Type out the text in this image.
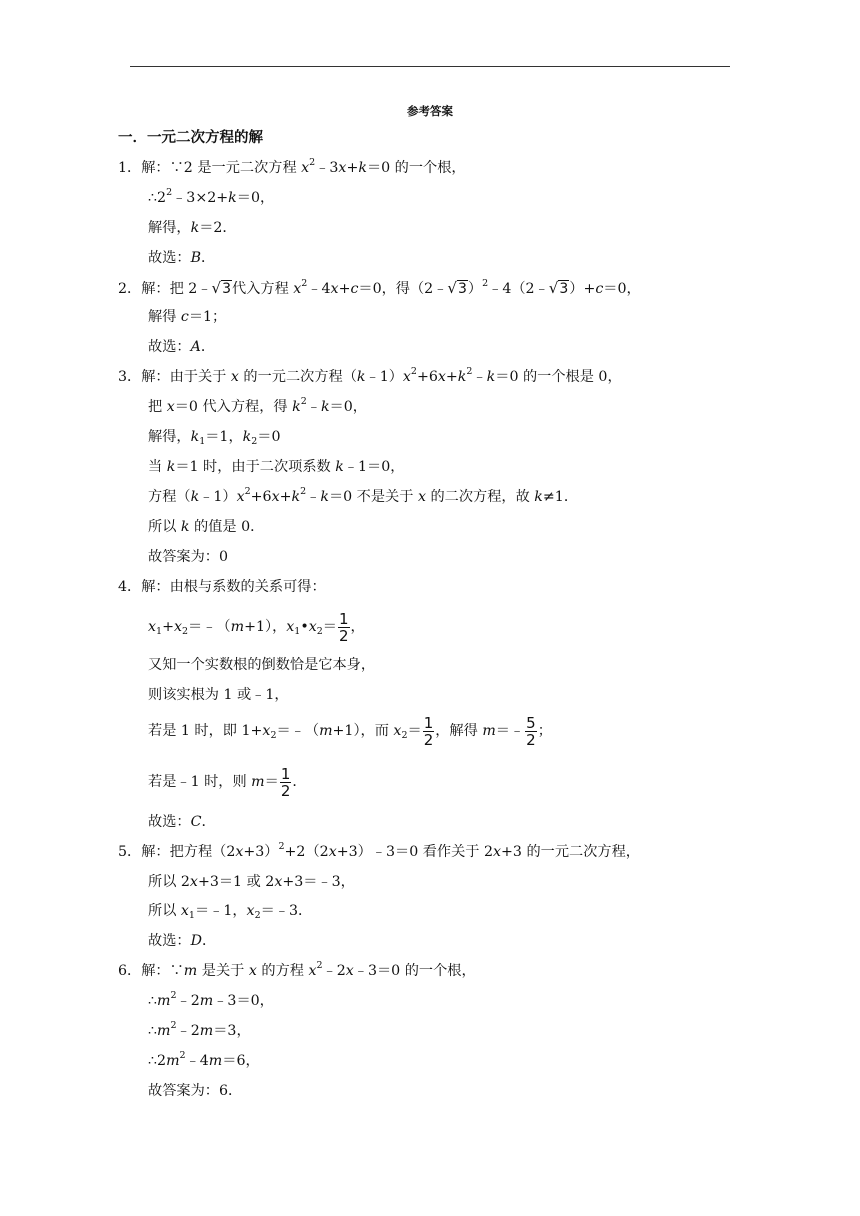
参考答案
一．一元二次方程的解
1．解：∵2 是一元二次方程 $x^2﹣3x+k=0$ 的一个根，
$\therefore 2^2﹣3\times 2+k=0$，
解得，k＝2．
故选：B．
2．解：把 2﹣√3代入方程 $x^2﹣4x+c=0$，得（2﹣√3）$^2$﹣4（2﹣√3）+c＝0，
解得 c＝1；
故选：A．
3．解：由于关于 x 的一元二次方程$(k﹣1)x^2+6x+k^2﹣k=0$ 的一个根是 0，
把 x＝0 代入方程，得 $k^2﹣k=0$，
解得，$k_1=1$，$k_2=0$
当 k＝1 时，由于二次项系数 k﹣1＝0，
方程$(k﹣1)x^2+6x+k^2﹣k=0$ 不是关于 x 的二次方程，故 k≠1．
所以 k 的值是 0．
故答案为：0
4．解：由根与系数的关系可得：
$x_1+x_2=﹣(m+1)$，$x_1•x_2= \frac{1}{2}$ ，
又知一个实数根的倒数恰是它本身，
则该实根为 1 或﹣1，
若是 1 时，即 $1+x_2=﹣(m+1)$，而 $x_2= \frac{1}{2}$ ，解得 m＝﹣ $\frac{5}{2}$ ；
若是﹣1 时，则 $m= \frac{1}{2}$ ．
故选：C．
5．解：把方程$(2x+3)^2+2(2x+3)﹣3=0$ 看作关于 2x+3 的一元二次方程，
所以 2x+3＝1 或 2x+3＝﹣3，
所以 $x_1=﹣1$，$x_2=﹣3$．
故选：D．
6．解：∵m 是关于 x 的方程 $x^2﹣2x﹣3=0$ 的一个根，
$\therefore m^2﹣2m﹣3=0$，
$\therefore m^2﹣2m=3$，
$\therefore 2m^2﹣4m=6$，
故答案为：6．
